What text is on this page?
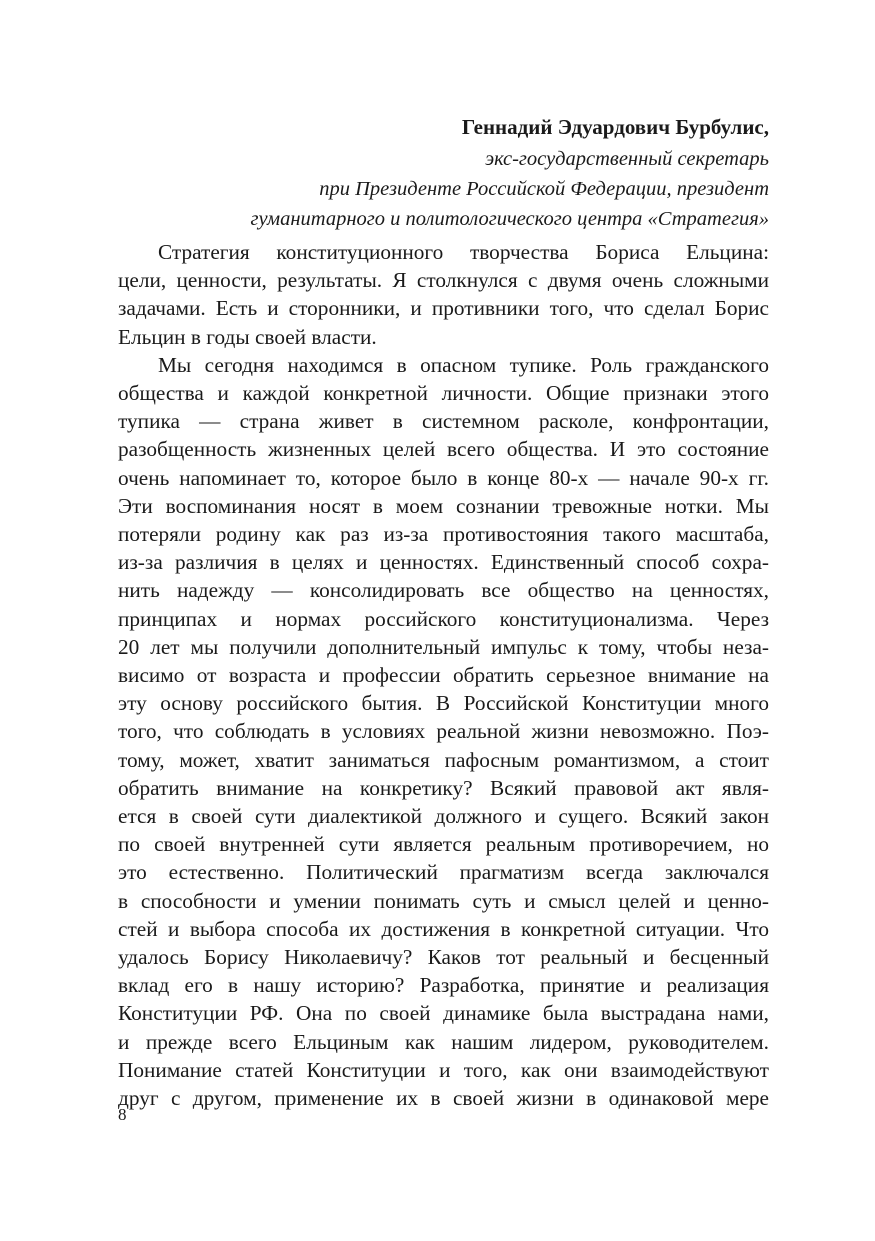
Геннадий Эдуардович Бурбулис,
экс-государственный секретарь
при Президенте Российской Федерации, президент
гуманитарного и политологического центра «Стратегия»

Стратегия конституционного творчества Бориса Ельцина:
цели, ценности, результаты. Я столкнулся с двумя очень сложными
задачами. Есть и сторонники, и противники того, что сделал Борис
Ельцин в годы своей власти.

Мы сегодня находимся в опасном тупике. Роль гражданского
общества и каждой конкретной личности. Общие признаки этого
тупика — страна живет в системном расколе, конфронтации,
разобщенность жизненных целей всего общества. И это состояние
очень напоминает то, которое было в конце 80-х — начале 90-х гг.
Эти воспоминания носят в моем сознании тревожные нотки. Мы
потеряли родину как раз из-за противостояния такого масштаба,
из-за различия в целях и ценностях. Единственный способ сохра-
нить надежду — консолидировать все общество на ценностях,
принципах и нормах российского конституционализма. Через
20 лет мы получили дополнительный импульс к тому, чтобы неза-
висимо от возраста и профессии обратить серьезное внимание на
эту основу российского бытия. В Российской Конституции много
того, что соблюдать в условиях реальной жизни невозможно. Поэ-
тому, может, хватит заниматься пафосным романтизмом, а стоит
обратить внимание на конкретику? Всякий правовой акт явля-
ется в своей сути диалектикой должного и сущего. Всякий закон
по своей внутренней сути является реальным противоречием, но
это естественно. Политический прагматизм всегда заключался
в способности и умении понимать суть и смысл целей и ценно-
стей и выбора способа их достижения в конкретной ситуации. Что
удалось Борису Николаевичу? Каков тот реальный и бесценный
вклад его в нашу историю? Разработка, принятие и реализация
Конституции РФ. Она по своей динамике была выстрадана нами,
и прежде всего Ельциным как нашим лидером, руководителем.
Понимание статей Конституции и того, как они взаимодействуют
друг с другом, применение их в своей жизни в одинаковой мере

8
